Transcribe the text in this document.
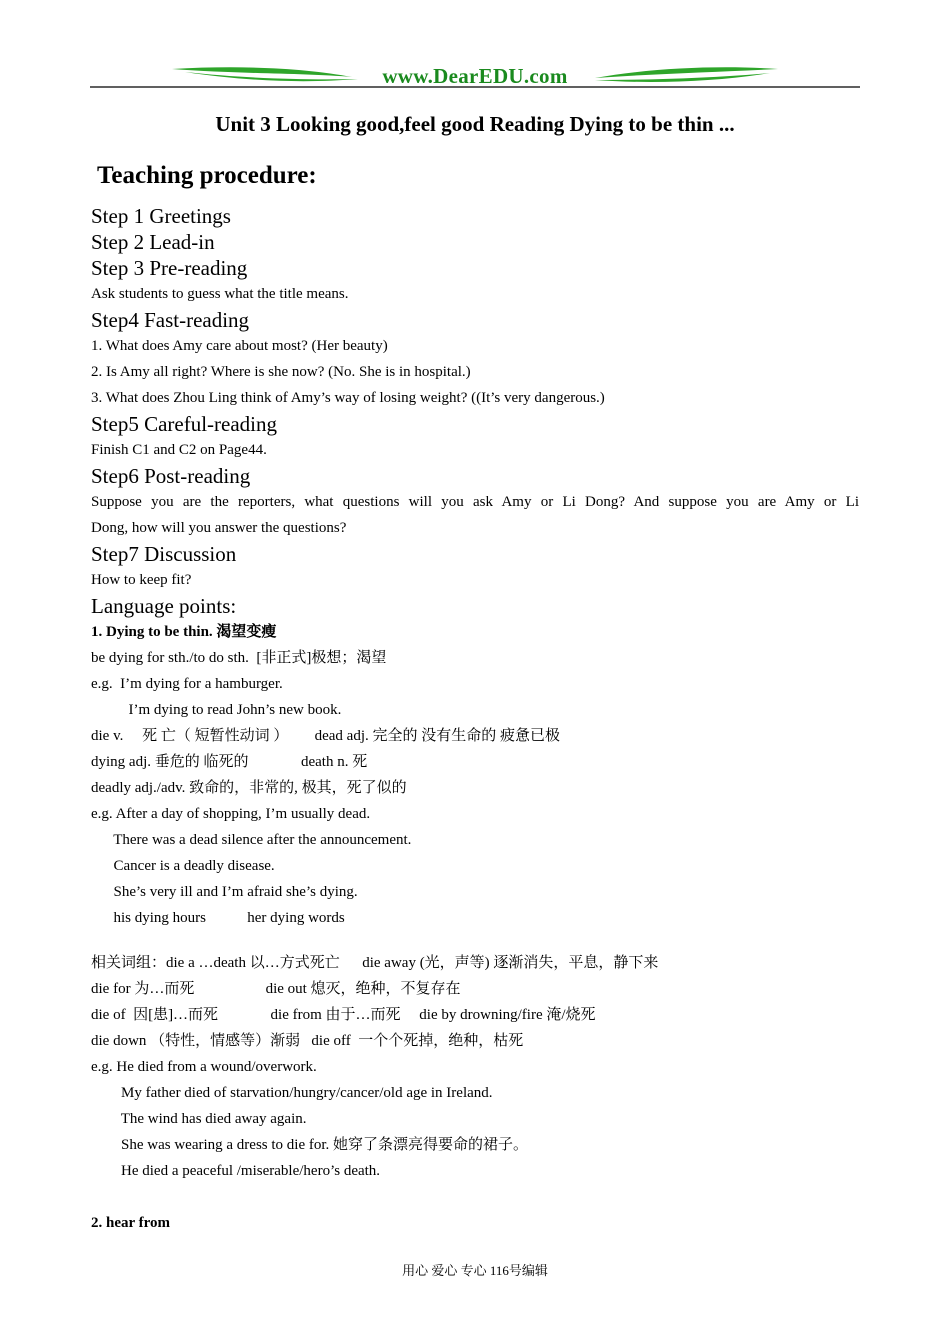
www.DearEDU.com
Unit 3 Looking good,feel good Reading Dying to be thin ...
Teaching procedure:
Step 1 Greetings
Step 2 Lead-in
Step 3 Pre-reading
Ask students to guess what the title means.
Step4 Fast-reading
1. What does Amy care about most? (Her beauty)
2. Is Amy all right? Where is she now? (No. She is in hospital.)
3. What does Zhou Ling think of Amy’s way of losing weight? ((It’s very dangerous.)
Step5 Careful-reading
Finish C1 and C2 on Page44.
Step6 Post-reading
Suppose you are the reporters, what questions will you ask Amy or Li Dong? And suppose you are Amy or Li
Dong, how will you answer the questions?
Step7 Discussion
How to keep fit?
Language points:
1. Dying to be thin. 渴望变瘦
be dying for sth./to do sth.  [非正式]极想；渴望
e.g.  I’m dying for a hamburger.
I’m dying to read John’s new book.
die v.     死 亡（ 短暂性动词 ）       dead adj. 完全的 没有生命的 疲惫已极
dying adj. 垂危的 临死的              death n. 死
deadly adj./adv. 致命的，非常的, 极其，死了似的
e.g. After a day of shopping, I’m usually dead.
There was a dead silence after the announcement.
Cancer is a deadly disease.
She’s very ill and I’m afraid she’s dying.
his dying hours           her dying words
相关词组：die a …death 以…方式死亡      die away (光，声等) 逐渐消失，平息，静下来
die for 为…而死                   die out 熄灭，绝种，不复存在
die of  因[患]…而死              die from 由于…而死     die by drowning/fire 淹/烧死
die down （特性，情感等）渐弱   die off  一个个死掉，绝种，枯死
e.g. He died from a wound/overwork.
My father died of starvation/hungry/cancer/old age in Ireland.
The wind has died away again.
She was wearing a dress to die for. 她穿了条漂亮得要命的裙子。
He died a peaceful /miserable/hero’s death.
2. hear from
用心 爱心 专心 116号编辑
